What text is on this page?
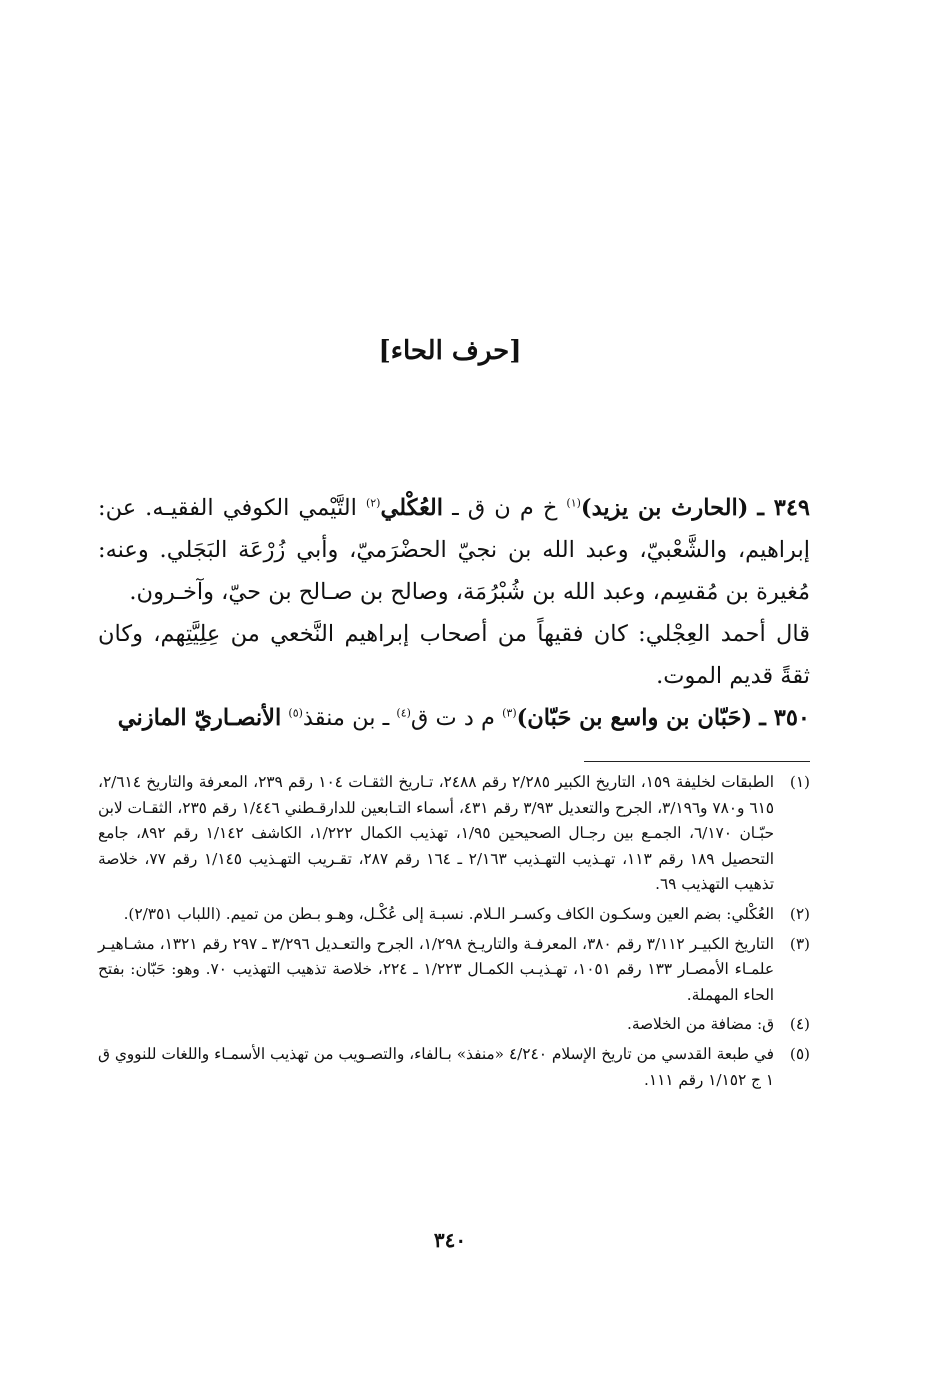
[حرف الحاء]

٣٤٩ ـ (الحارث بن يزيد)$^{(١)}$ خ م ن ق ـ العُكْلي$^{(٢)}$ التَّيْمي الكوفي الفقيـه. عن: إبراهيم، والشَّعْبيّ، وعبد الله بن نجيّ الحضْرَميّ، وأبي زُرْعَة البَجَلي. وعنه: مُغيرة بن مُقسِم، وعبد الله بن شُبْرُمَة، وصالح بن صـالح بن حيّ، وآخـرون.

قال أحمد العِجْلي: كان فقيهاً من أصحاب إبراهيم النَّخعي من عِلِيَّتِهم، وكان ثقةً قديم الموت.

٣٥٠ ـ (حَبّان بن واسع بن حَبّان)$^{(٣)}$ م د ت ق$^{(٤)}$ ـ بن منقذ$^{(٥)}$ الأنصـاريّ المازني

(١)
الطبقات لخليفة ١٥٩، التاريخ الكبير ٢/٢٨٥ رقم ٢٤٨٨، تـاريخ الثقـات ١٠٤ رقم ٢٣٩، المعرفة والتاريخ ٢/٦١٤، ٦١٥ و٧٨٠ و٣/١٩٦، الجرح والتعديل ٣/٩٣ رقم ٤٣١، أسماء التـابعين للدارقـطني ١/٤٤٦ رقم ٢٣٥، الثقـات لابن حبّـان ٦/١٧٠، الجمـع بين رجـال الصحيحين ١/٩٥، تهذيب الكمال ١/٢٢٢، الكاشف ١/١٤٢ رقم ٨٩٢، جامع التحصيل ١٨٩ رقم ١١٣، تهـذيب التهـذيب ٢/١٦٣ ـ ١٦٤ رقم ٢٨٧، تقـريب التهـذيب ١/١٤٥ رقم ٧٧، خلاصة تذهيب التهذيب ٦٩.
(٢)
العُكْلي: بضم العين وسكـون الكاف وكسـر الـلام. نسبـة إلى عُكْـل، وهـو بـطن من تميم. (اللباب ٢/٣٥١).
(٣)
التاريخ الكبيـر ٣/١١٢ رقم ٣٨٠، المعرفـة والتاريـخ ١/٢٩٨، الجرح والتعـديل ٣/٢٩٦ ـ ٢٩٧ رقم ١٣٢١، مشـاهيـر علمـاء الأمصـار ١٣٣ رقم ١٠٥١، تهـذيـب الكمـال ١/٢٢٣ ـ ٢٢٤، خلاصة تذهيب التهذيب ٧٠. وهو: حَبّان: بفتح الحاء المهملة.
(٤)
ق: مضافة من الخلاصة.
(٥)
في طبعة القدسي من تاريخ الإسلام ٤/٢٤٠ «منفذ» بـالفاء، والتصـويب من تهذيب الأسمـاء واللغات للنووي ق ١ ج ١/١٥٢ رقم ١١١.
٣٤٠
